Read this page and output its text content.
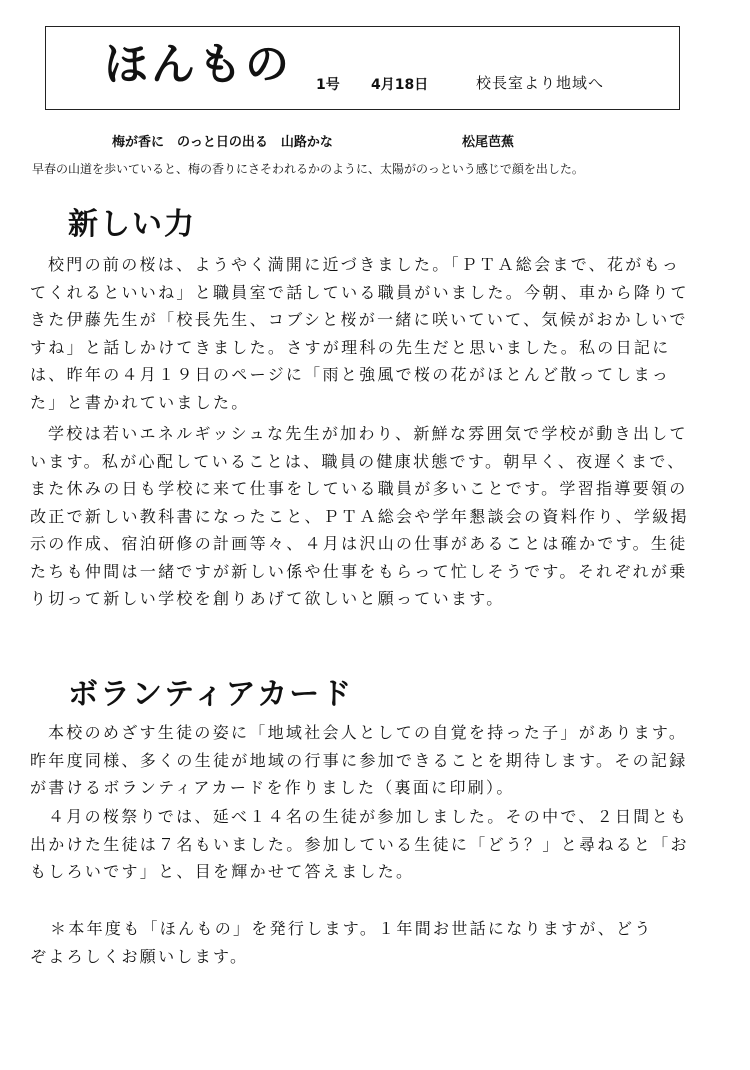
ほんもの 1号 4月18日	校長室より地域へ
梅が香に　のっと日の出る　山路かな	松尾芭蕉
早春の山道を歩いていると、梅の香りにさそわれるかのように、太陽がのっという感じで顔を出した。
新しい力

校門の前の桜は、ようやく満開に近づきました。「ＰＴＡ総会まで、花がもってくれるといいね」と職員室で話している職員がいました。今朝、車から降りてきた伊藤先生が「校長先生、コブシと桜が一緒に咲いていて、気候がおかしいですね」と話しかけてきました。さすが理科の先生だと思いました。私の日記には、昨年の４月１９日のページに「雨と強風で桜の花がほとんど散ってしまった」と書かれていました。

学校は若いエネルギッシュな先生が加わり、新鮮な雰囲気で学校が動き出しています。私が心配していることは、職員の健康状態です。朝早く、夜遅くまで、また休みの日も学校に来て仕事をしている職員が多いことです。学習指導要領の改正で新しい教科書になったこと、ＰＴＡ総会や学年懇談会の資料作り、学級掲示の作成、宿泊研修の計画等々、４月は沢山の仕事があることは確かです。生徒たちも仲間は一緒ですが新しい係や仕事をもらって忙しそうです。それぞれが乗り切って新しい学校を創りあげて欲しいと願っています。

ボランティアカード

本校のめざす生徒の姿に「地域社会人としての自覚を持った子」があります。昨年度同様、多くの生徒が地域の行事に参加できることを期待します。その記録が書けるボランティアカードを作りました（裏面に印刷）。

４月の桜祭りでは、延べ１４名の生徒が参加しました。その中で、２日間とも出かけた生徒は７名もいました。参加している生徒に「どう？」と尋ねると「おもしろいです」と、目を輝かせて答えました。

＊本年度も「ほんもの」を発行します。１年間お世話になりますが、どう
ぞよろしくお願いします。
